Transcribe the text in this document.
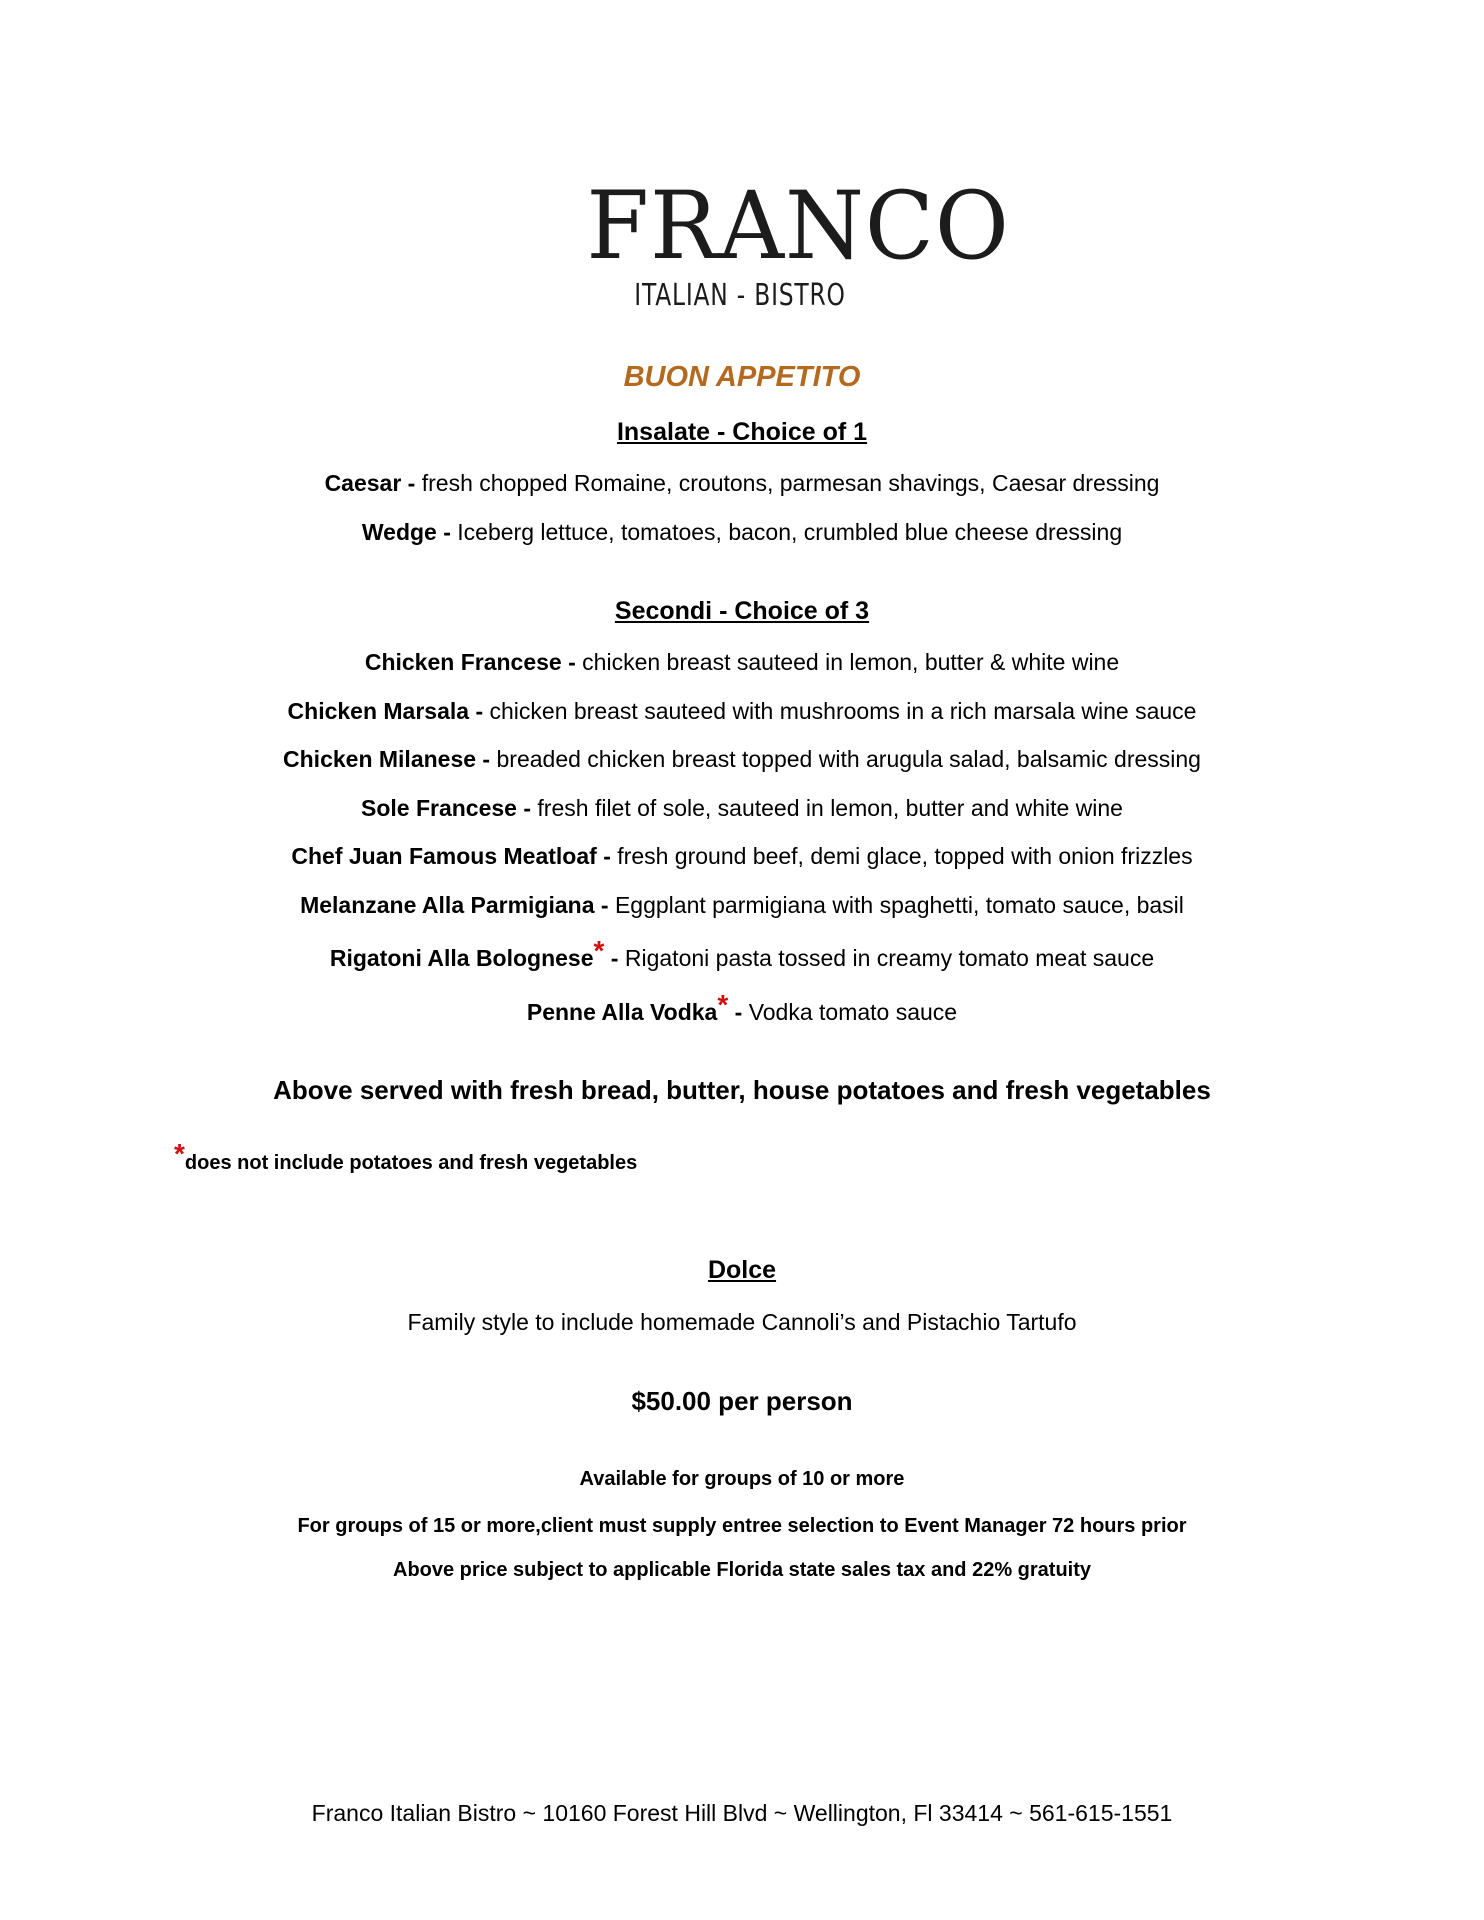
FRANCO
ITALIAN - BISTRO
BUON APPETITO
Insalate - Choice of 1
Caesar - fresh chopped Romaine, croutons, parmesan shavings, Caesar dressing
Wedge - Iceberg lettuce, tomatoes, bacon, crumbled blue cheese dressing
Secondi - Choice of 3
Chicken Francese - chicken breast sauteed in lemon, butter & white wine
Chicken Marsala - chicken breast sauteed with mushrooms in a rich marsala wine sauce
Chicken Milanese - breaded chicken breast topped with arugula salad, balsamic dressing
Sole Francese - fresh filet of sole, sauteed in lemon, butter and white wine
Chef Juan Famous Meatloaf - fresh ground beef, demi glace, topped with onion frizzles
Melanzane Alla Parmigiana - Eggplant parmigiana with spaghetti, tomato sauce, basil
Rigatoni Alla Bolognese* - Rigatoni pasta tossed in creamy tomato meat sauce
Penne Alla Vodka* - Vodka tomato sauce
Above served with fresh bread, butter, house potatoes and fresh vegetables
*does not include potatoes and fresh vegetables
Dolce
Family style to include homemade Cannoli’s and Pistachio Tartufo
$50.00 per person
Available for groups of 10 or more
For groups of 15 or more,client must supply entree selection to Event Manager 72 hours prior
Above price subject to applicable Florida state sales tax and 22% gratuity
Franco Italian Bistro ~ 10160 Forest Hill Blvd ~ Wellington, Fl 33414 ~ 561-615-1551
